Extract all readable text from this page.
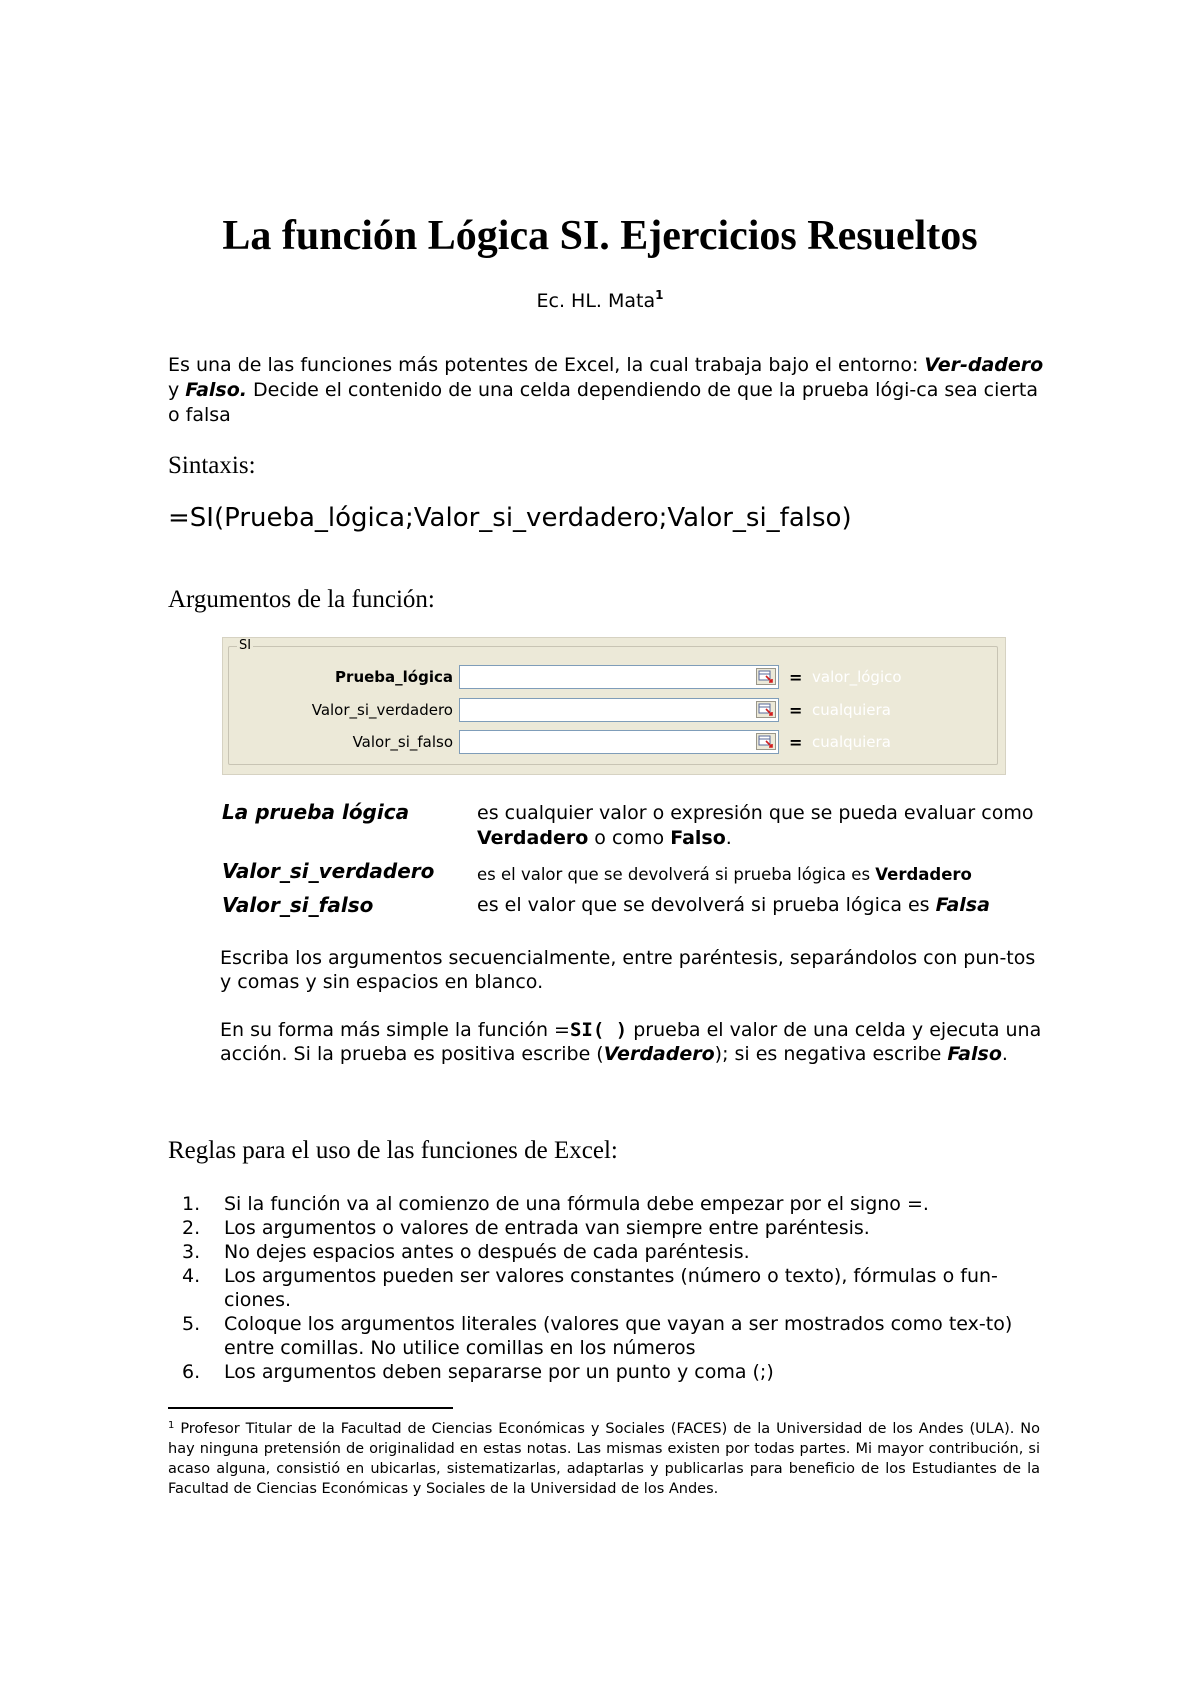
La función Lógica SI. Ejercicios Resueltos
Ec. HL. Mata$^1$
Es una de las funciones más potentes de Excel, la cual trabaja bajo el entorno: Ver-dadero y Falso. Decide el contenido de una celda dependiendo de que la prueba lógi-ca sea cierta o falsa
Sintaxis:
=SI(Prueba_lógica;Valor_si_verdadero;Valor_si_falso)
Argumentos de la función:
SI
Prueba_lógica	= valor_lógico
Valor_si_verdadero	= cualquiera
Valor_si_falso	= cualquiera
La prueba lógica	es cualquier valor o expresión que se pueda evaluar como Verdadero o como Falso.
Valor_si_verdadero	es el valor que se devolverá si prueba lógica es Verdadero
Valor_si_falso	es el valor que se devolverá si prueba lógica es Falsa
Escriba los argumentos secuencialmente, entre paréntesis, separándolos con pun-tos y comas y sin espacios en blanco.
En su forma más simple la función =SI( ) prueba el valor de una celda y ejecuta una acción. Si la prueba es positiva escribe (Verdadero); si es negativa escribe Falso.
Reglas para el uso de las funciones de Excel:
1.	Si la función va al comienzo de una fórmula debe empezar por el signo =.
2.	Los argumentos o valores de entrada van siempre entre paréntesis.
3.	No dejes espacios antes o después de cada paréntesis.
4.	Los argumentos pueden ser valores constantes (número o texto), fórmulas o fun-ciones.
5.	Coloque los argumentos literales (valores que vayan a ser mostrados como tex-to) entre comillas. No utilice comillas en los números
6.	Los argumentos deben separarse por un punto y coma (;)
$^1$ Profesor Titular de la Facultad de Ciencias Económicas y Sociales (FACES) de la Universidad de los Andes (ULA). No hay ninguna pretensión de originalidad en estas notas. Las mismas existen por todas partes. Mi mayor contribución, si acaso alguna, consistió en ubicarlas, sistematizarlas, adaptarlas y publicarlas para beneficio de los Estudiantes de la Facultad de Ciencias Económicas y Sociales de la Universidad de los Andes.
